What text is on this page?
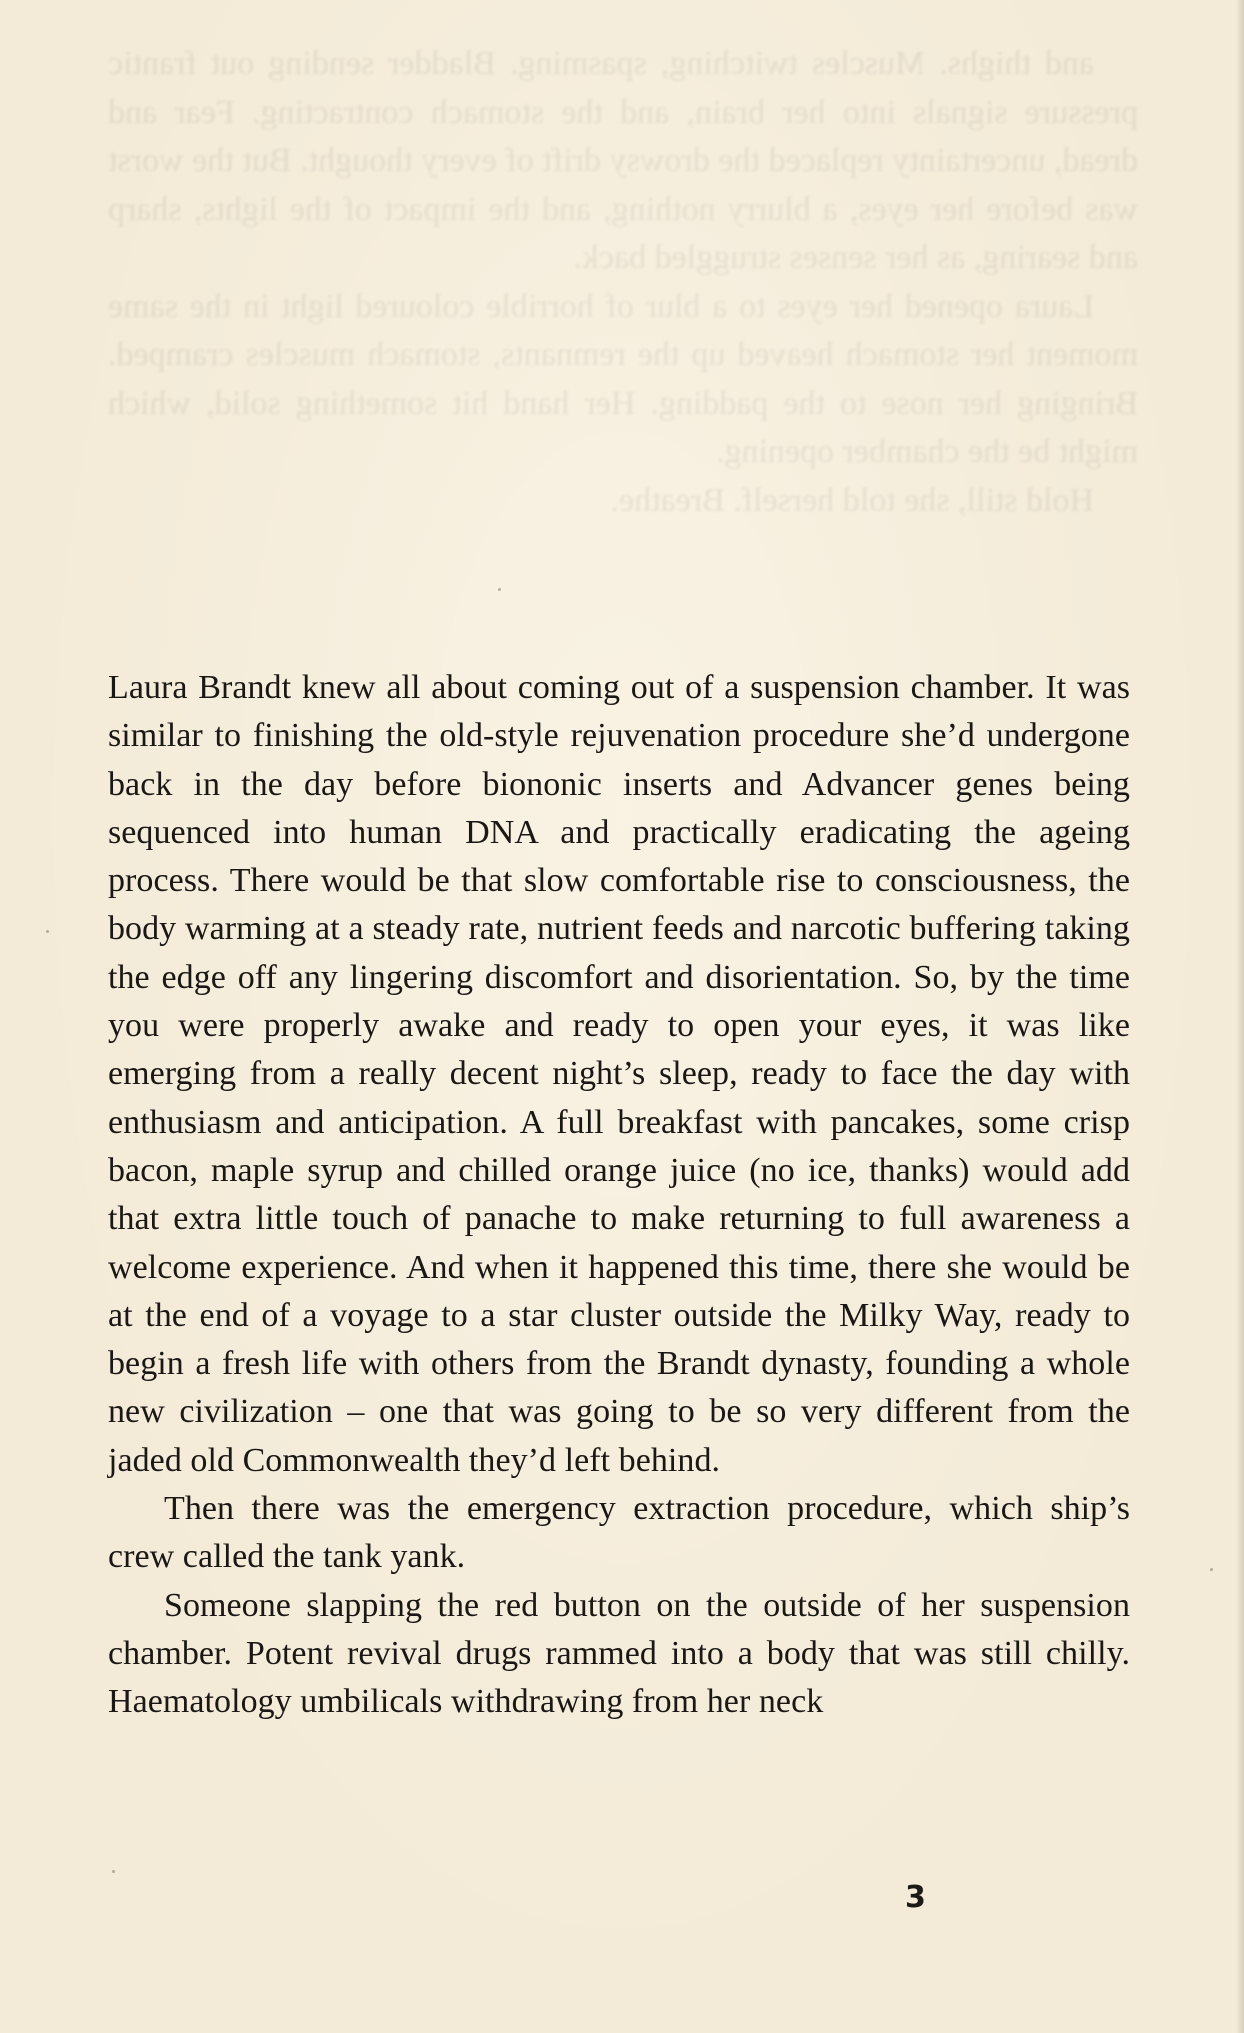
and thighs. Muscles twitching, spasming. Bladder sending out frantic pressure signals into her brain, and the stomach contracting. Fear and dread, uncertainty replaced the drowsy drift of every thought. But the worst was before her eyes, a blurry nothing, and the impact of the lights, sharp and searing, as her senses struggled back.

Laura opened her eyes to a blur of horrible coloured light in the same moment her stomach heaved up the remnants, stomach muscles cramped. Bringing her nose to the padding. Her hand hit something solid, which might be the chamber opening.

Hold still, she told herself. Breathe.

Laura Brandt knew all about coming out of a suspension chamber. It was similar to finishing the old-style rejuvenation procedure she’d undergone back in the day before biononic inserts and Advancer genes being sequenced into human DNA and practically eradicating the ageing process. There would be that slow comfortable rise to consciousness, the body warming at a steady rate, nutrient feeds and narcotic buffering taking the edge off any lingering discomfort and disorientation. So, by the time you were properly awake and ready to open your eyes, it was like emerging from a really decent night’s sleep, ready to face the day with enthusiasm and anticipation. A full breakfast with pancakes, some crisp bacon, maple syrup and chilled orange juice (no ice, thanks) would add that extra little touch of panache to make returning to full awareness a welcome experience. And when it happened this time, there she would be at the end of a voyage to a star cluster outside the Milky Way, ready to begin a fresh life with others from the Brandt dynasty, founding a whole new civilization – one that was going to be so very different from the jaded old Commonwealth they’d left behind.

Then there was the emergency extraction procedure, which ship’s crew called the tank yank.

Someone slapping the red button on the outside of her suspension chamber. Potent revival drugs rammed into a body that was still chilly. Haematology umbilicals withdrawing from her neck

3
